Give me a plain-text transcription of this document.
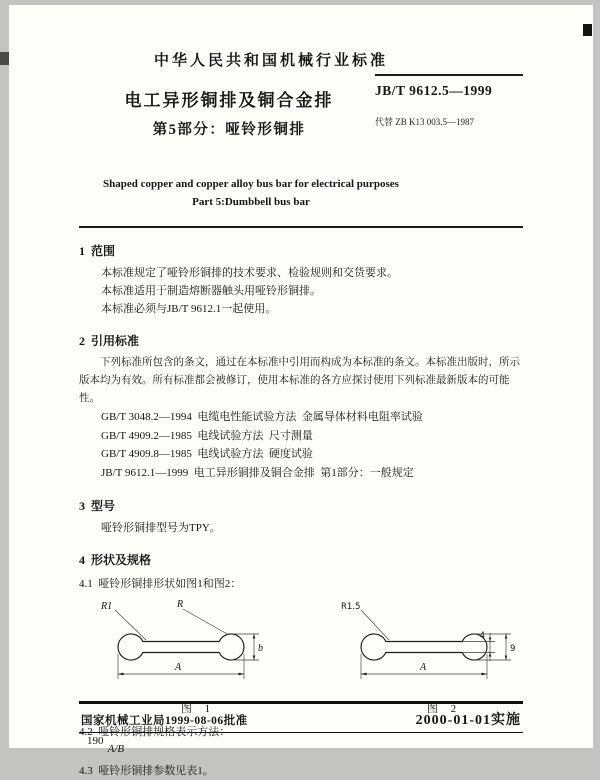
中华人民共和国机械行业标准
电工异形铜排及铜合金排
第5部分：哑铃形铜排
JB/T 9612.5—1999
代替 ZB K13 003.5—1987
Shaped copper and copper alloy bus bar for electrical purposes
Part 5:Dumbbell bus bar
1  范围
本标准规定了哑铃形铜排的技术要求、检验规则和交货要求。
本标准适用于制造熔断器触头用哑铃形铜排。
本标准必须与JB/T 9612.1一起使用。
2  引用标准
下列标准所包含的条文，通过在本标准中引用而构成为本标准的条文。本标准出版时，所示版本均为有效。所有标准都会被修订，使用本标准的各方应探讨使用下列标准最新版本的可能性。
GB/T 3048.2—1994  电缆电性能试验方法  金属导体材料电阻率试验
GB/T 4909.2—1985  电线试验方法  尺寸测量
GB/T 4909.8—1985  电线试验方法  硬度试验
JB/T 9612.1—1999  电工异形铜排及铜合金排  第1部分：一般规定
3  型号
哑铃形铜排型号为TPY。
4  形状及规格
4.1  哑铃形铜排形状如图1和图2：
R1	R
b
A
图 1
R1.5
4
9
A
图 2
4.2  哑铃形铜排规格表示方法：
A/B
4.3  哑铃形铜排参数见表1。
国家机械工业局1999-08-06批准	2000-01-01实施
190
